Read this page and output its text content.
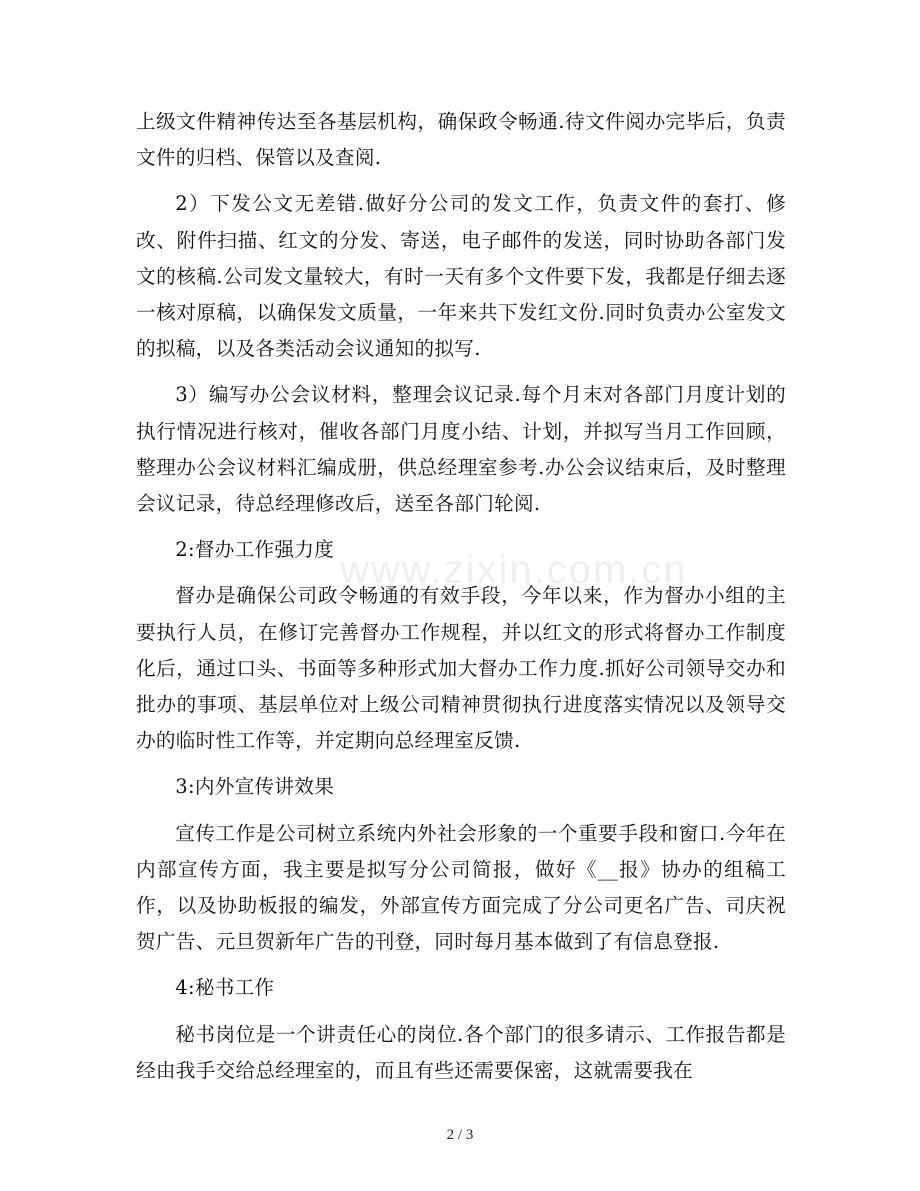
www.zixin.com.cn

上级文件精神传达至各基层机构，确保政令畅通.待文件阅办完毕后，负责文件的归档、保管以及查阅.

2）下发公文无差错.做好分公司的发文工作，负责文件的套打、修改、附件扫描、红文的分发、寄送，电子邮件的发送，同时协助各部门发文的核稿.公司发文量较大，有时一天有多个文件要下发，我都是仔细去逐一核对原稿，以确保发文质量，一年来共下发红文份.同时负责办公室发文的拟稿，以及各类活动会议通知的拟写.

3）编写办公会议材料，整理会议记录.每个月末对各部门月度计划的执行情况进行核对，催收各部门月度小结、计划，并拟写当月工作回顾，整理办公会议材料汇编成册，供总经理室参考.办公会议结束后，及时整理会议记录，待总经理修改后，送至各部门轮阅.

2:督办工作强力度

督办是确保公司政令畅通的有效手段，今年以来，作为督办小组的主要执行人员，在修订完善督办工作规程，并以红文的形式将督办工作制度化后，通过口头、书面等多种形式加大督办工作力度.抓好公司领导交办和批办的事项、基层单位对上级公司精神贯彻执行进度落实情况以及领导交办的临时性工作等，并定期向总经理室反馈.

3:内外宣传讲效果

宣传工作是公司树立系统内外社会形象的一个重要手段和窗口.今年在内部宣传方面，我主要是拟写分公司简报，做好《__报》协办的组稿工作，以及协助板报的编发，外部宣传方面完成了分公司更名广告、司庆祝贺广告、元旦贺新年广告的刊登，同时每月基本做到了有信息登报.

4:秘书工作

秘书岗位是一个讲责任心的岗位.各个部门的很多请示、工作报告都是经由我手交给总经理室的，而且有些还需要保密，这就需要我在

2 / 3
